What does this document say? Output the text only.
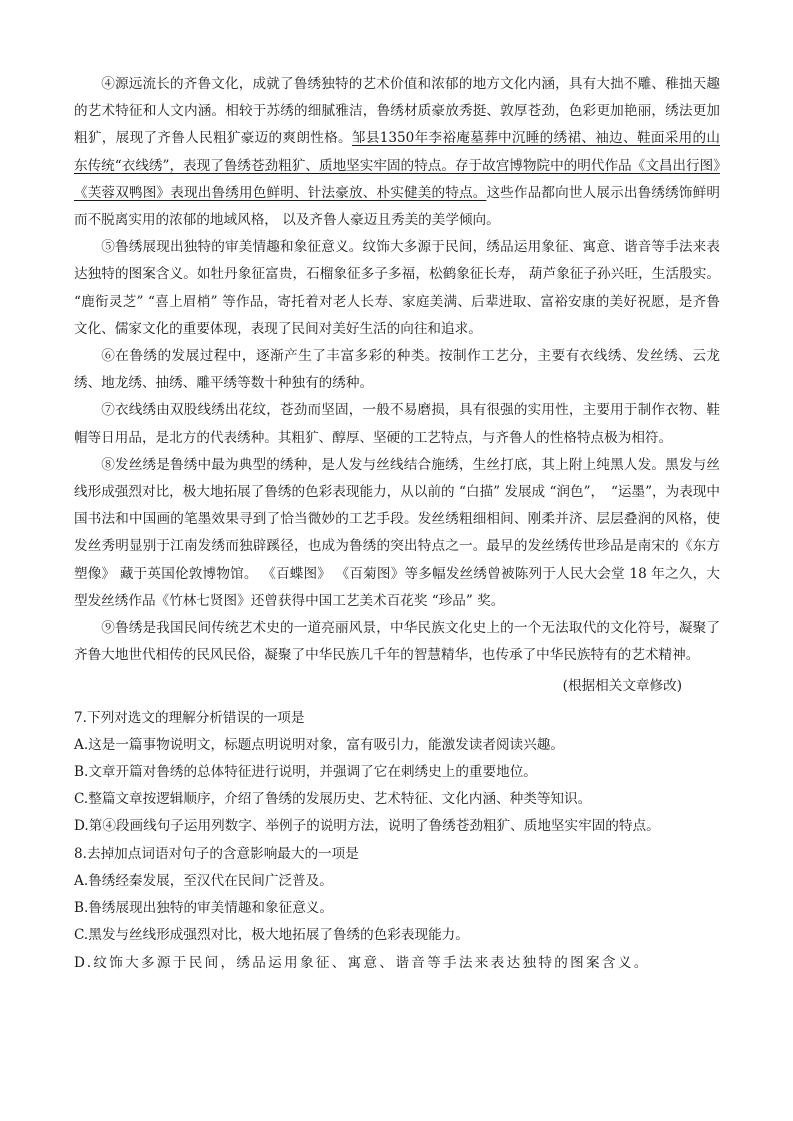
④源远流长的齐鲁文化，成就了鲁绣独特的艺术价值和浓郁的地方文化内涵，具有大拙不雕、稚拙天趣的艺术特征和人文内涵。相较于苏绣的细腻雅洁，鲁绣材质豪放秀挺、敦厚苍劲，色彩更加艳丽，绣法更加粗犷，展现了齐鲁人民粗犷豪迈的爽朗性格。邹县1350年李裕庵墓葬中沉睡的绣裙、袖边、鞋面采用的山东传统“衣线绣”，表现了鲁绣苍劲粗犷、质地坚实牢固的特点。存于故宫博物院中的明代作品《文昌出行图》《芙蓉双鸭图》表现出鲁绣用色鲜明、针法豪放、朴实健美的特点。这些作品都向世人展示出鲁绣绣饰鲜明而不脱离实用的浓郁的地域风格， 以及齐鲁人豪迈且秀美的美学倾向。

⑤鲁绣展现出独特的审美情趣和象征意义。纹饰大多源于民间，绣品运用象征、寓意、谐音等手法来表达独特的图案含义。如牡丹象征富贵，石榴象征多子多福，松鹤象征长寿， 葫芦象征子孙兴旺，生活殷实。 “鹿衔灵芝” “喜上眉梢” 等作品，寄托着对老人长寿、家庭美满、后辈进取、富裕安康的美好祝愿，是齐鲁文化、儒家文化的重要体现，表现了民间对美好生活的向往和追求。

⑥在鲁绣的发展过程中，逐渐产生了丰富多彩的种类。按制作工艺分，主要有衣线绣、发丝绣、云龙绣、地龙绣、抽绣、雕平绣等数十种独有的绣种。

⑦衣线绣由双股线绣出花纹，苍劲而坚固，一般不易磨损，具有很强的实用性，主要用于制作衣物、鞋帽等日用品，是北方的代表绣种。其粗犷、醇厚、坚硬的工艺特点，与齐鲁人的性格特点极为相符。

⑧发丝绣是鲁绣中最为典型的绣种，是人发与丝线结合施绣，生丝打底，其上附上纯黑人发。黑发与丝线形成强烈对比，极大地拓展了鲁绣的色彩表现能力，从以前的 “白描” 发展成 “润色”，　“运墨”，为表现中国书法和中国画的笔墨效果寻到了恰当微妙的工艺手段。发丝绣粗细相间、刚柔并济、层层叠润的风格，使发丝秀明显别于江南发绣而独辟蹊径，也成为鲁绣的突出特点之一。最早的发丝绣传世珍品是南宋的《东方塑像》 藏于英国伦敦博物馆。 《百蝶图》 《百菊图》等多幅发丝绣曾被陈列于人民大会堂 18 年之久，大型发丝绣作品《竹林七贤图》还曾获得中国工艺美术百花奖 “珍品” 奖。

⑨鲁绣是我国民间传统艺术史的一道亮丽风景，中华民族文化史上的一个无法取代的文化符号，凝聚了齐鲁大地世代相传的民风民俗，凝聚了中华民族几千年的智慧精华，也传承了中华民族特有的艺术精神。

(根据相关文章修改)

7.下列对选文的理解分析错误的一项是

A.这是一篇事物说明文，标题点明说明对象，富有吸引力，能激发读者阅读兴趣。

B.文章开篇对鲁绣的总体特征进行说明，并强调了它在刺绣史上的重要地位。

C.整篇文章按逻辑顺序，介绍了鲁绣的发展历史、艺术特征、文化内涵、种类等知识。

D.第④段画线句子运用列数字、举例子的说明方法，说明了鲁绣苍劲粗犷、质地坚实牢固的特点。

8.去掉加点词语对句子的含意影响最大的一项是

A.鲁绣经秦发展，至汉代在民间广泛普及。

B.鲁绣展现出独特的审美情趣和象征意义。

C.黑发与丝线形成强烈对比，极大地拓展了鲁绣的色彩表现能力。

D.纹饰大多源于民间，绣品运用象征、寓意、谐音等手法来表达独特的图案含义。
